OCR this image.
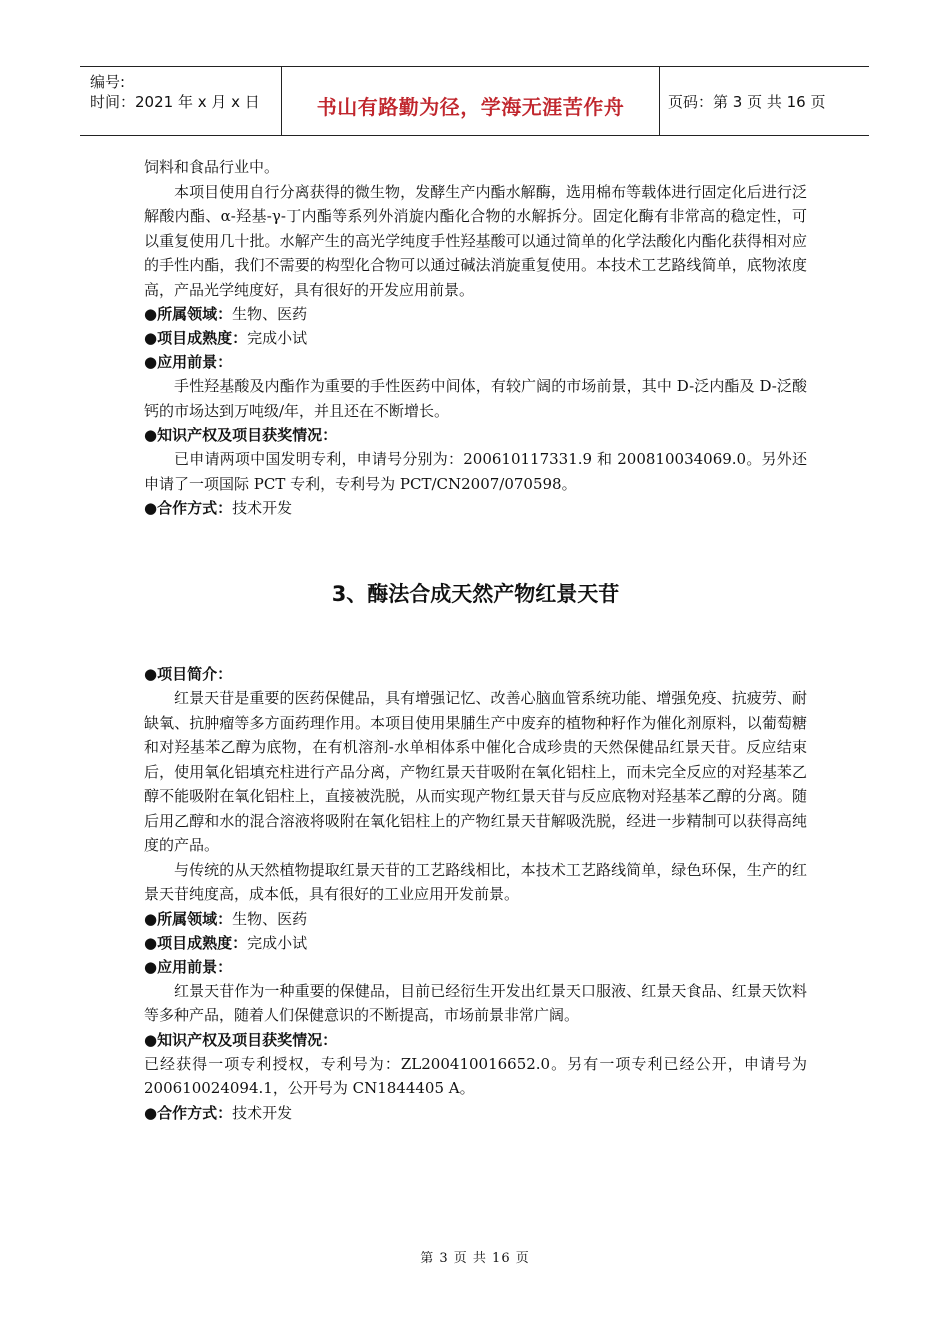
编号:
时间：2021 年 x 月 x 日	书山有路勤为径，学海无涯苦作舟	页码：第 3 页 共 16 页

饲料和食品行业中。

本项目使用自行分离获得的微生物，发酵生产内酯水解酶，选用棉布等载体进行固定化后进行泛解酸内酯、α-羟基-γ-丁内酯等系列外消旋内酯化合物的水解拆分。固定化酶有非常高的稳定性，可以重复使用几十批。水解产生的高光学纯度手性羟基酸可以通过简单的化学法酸化内酯化获得相对应的手性内酯，我们不需要的构型化合物可以通过碱法消旋重复使用。本技术工艺路线简单，底物浓度高，产品光学纯度好，具有很好的开发应用前景。

●所属领域：生物、医药

●项目成熟度：完成小试

●应用前景：

手性羟基酸及内酯作为重要的手性医药中间体，有较广阔的市场前景，其中 D-泛内酯及 D-泛酸钙的市场达到万吨级/年，并且还在不断增长。

●知识产权及项目获奖情况：

已申请两项中国发明专利，申请号分别为：200610117331.9 和 200810034069.0。另外还申请了一项国际 PCT 专利，专利号为 PCT/CN2007/070598。

●合作方式：技术开发

3、酶法合成天然产物红景天苷

●项目简介：

红景天苷是重要的医药保健品，具有增强记忆、改善心脑血管系统功能、增强免疫、抗疲劳、耐缺氧、抗肿瘤等多方面药理作用。本项目使用果脯生产中废弃的植物种籽作为催化剂原料，以葡萄糖和对羟基苯乙醇为底物，在有机溶剂-水单相体系中催化合成珍贵的天然保健品红景天苷。反应结束后，使用氧化铝填充柱进行产品分离，产物红景天苷吸附在氧化铝柱上，而未完全反应的对羟基苯乙醇不能吸附在氧化铝柱上，直接被洗脱，从而实现产物红景天苷与反应底物对羟基苯乙醇的分离。随后用乙醇和水的混合溶液将吸附在氧化铝柱上的产物红景天苷解吸洗脱，经进一步精制可以获得高纯度的产品。

与传统的从天然植物提取红景天苷的工艺路线相比，本技术工艺路线简单，绿色环保，生产的红景天苷纯度高，成本低，具有很好的工业应用开发前景。

●所属领域：生物、医药

●项目成熟度：完成小试

●应用前景：

红景天苷作为一种重要的保健品，目前已经衍生开发出红景天口服液、红景天食品、红景天饮料等多种产品，随着人们保健意识的不断提高，市场前景非常广阔。

●知识产权及项目获奖情况：

已经获得一项专利授权，专利号为：ZL200410016652.0。另有一项专利已经公开，申请号为 200610024094.1，公开号为 CN1844405 A。

●合作方式：技术开发

第 3 页 共 16 页
